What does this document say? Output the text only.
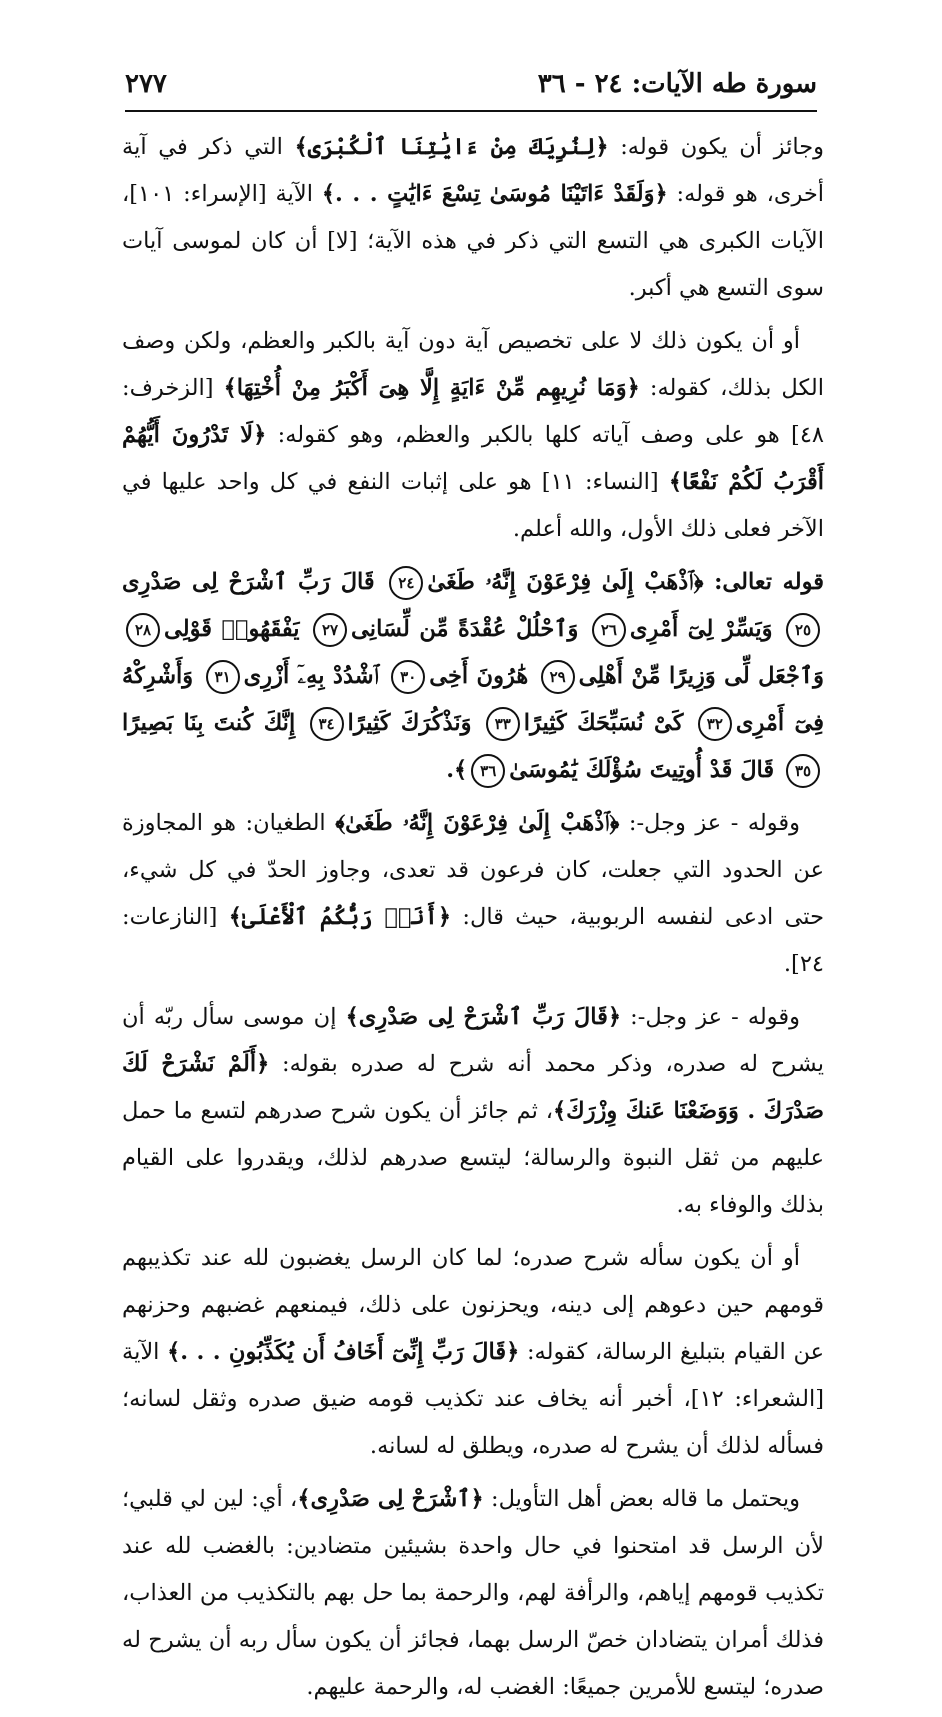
سورة طه الآيات: ٢٤ - ٣٦
٢٧٧

وجائز أن يكون قوله: ﴿لِنُرِيَكَ مِنْ ءَايَٰتِنَا ٱلْكُبْرَى﴾ التي ذكر في آية أخرى، هو قوله: ﴿وَلَقَدْ ءَاتَيْنَا مُوسَىٰ تِسْعَ ءَايَٰتٍ . . .﴾ الآية [الإسراء: ١٠١]، الآيات الكبرى هي التسع التي ذكر في هذه الآية؛ [لا] أن كان لموسى آيات سوى التسع هي أكبر.

أو أن يكون ذلك لا على تخصيص آية دون آية بالكبر والعظم، ولكن وصف الكل بذلك، كقوله: ﴿وَمَا نُرِيهِم مِّنْ ءَايَةٍ إِلَّا هِىَ أَكْبَرُ مِنْ أُخْتِهَا﴾ [الزخرف: ٤٨] هو على وصف آياته كلها بالكبر والعظم، وهو كقوله: ﴿لَا تَدْرُونَ أَيُّهُمْ أَقْرَبُ لَكُمْ نَفْعًا﴾ [النساء: ١١] هو على إثبات النفع في كل واحد عليها في الآخر فعلى ذلك الأول، والله أعلم.

قوله تعالى: ﴿ٱذْهَبْ إِلَىٰ فِرْعَوْنَ إِنَّهُۥ طَغَىٰ٢٤ قَالَ رَبِّ ٱشْرَحْ لِى صَدْرِى٢٥ وَيَسِّرْ لِىٓ أَمْرِى٢٦ وَٱحْلُلْ عُقْدَةً مِّن لِّسَانِى٢٧ يَفْقَهُوا۟ قَوْلِى٢٨ وَٱجْعَل لِّى وَزِيرًا مِّنْ أَهْلِى٢٩ هَٰرُونَ أَخِى٣٠ ٱشْدُدْ بِهِۦٓ أَزْرِى٣١ وَأَشْرِكْهُ فِىٓ أَمْرِى٣٢ كَىْ نُسَبِّحَكَ كَثِيرًا٣٣ وَنَذْكُرَكَ كَثِيرًا٣٤ إِنَّكَ كُنتَ بِنَا بَصِيرًا٣٥ قَالَ قَدْ أُوتِيتَ سُؤْلَكَ يَٰمُوسَىٰ٣٦﴾.

وقوله - عز وجل-: ﴿ٱذْهَبْ إِلَىٰ فِرْعَوْنَ إِنَّهُۥ طَغَىٰ﴾ الطغيان: هو المجاوزة عن الحدود التي جعلت، كان فرعون قد تعدى، وجاوز الحدّ في كل شيء، حتى ادعى لنفسه الربوبية، حيث قال: ﴿أَنَا۠ رَبُّكُمُ ٱلْأَعْلَىٰ﴾ [النازعات: ٢٤].

وقوله - عز وجل-: ﴿قَالَ رَبِّ ٱشْرَحْ لِى صَدْرِى﴾ إن موسى سأل ربّه أن يشرح له صدره، وذكر محمد أنه شرح له صدره بقوله: ﴿أَلَمْ نَشْرَحْ لَكَ صَدْرَكَ . وَوَضَعْنَا عَنكَ وِزْرَكَ﴾، ثم جائز أن يكون شرح صدرهم لتسع ما حمل عليهم من ثقل النبوة والرسالة؛ ليتسع صدرهم لذلك، ويقدروا على القيام بذلك والوفاء به.

أو أن يكون سأله شرح صدره؛ لما كان الرسل يغضبون لله عند تكذيبهم قومهم حين دعوهم إلى دينه، ويحزنون على ذلك، فيمنعهم غضبهم وحزنهم عن القيام بتبليغ الرسالة، كقوله: ﴿قَالَ رَبِّ إِنِّىٓ أَخَافُ أَن يُكَذِّبُونِ . . .﴾ الآية [الشعراء: ١٢]، أخبر أنه يخاف عند تكذيب قومه ضيق صدره وثقل لسانه؛ فسأله لذلك أن يشرح له صدره، ويطلق له لسانه.

ويحتمل ما قاله بعض أهل التأويل: ﴿ٱشْرَحْ لِى صَدْرِى﴾، أي: لين لي قلبي؛ لأن الرسل قد امتحنوا في حال واحدة بشيئين متضادين: بالغضب لله عند تكذيب قومهم إياهم، والرأفة لهم، والرحمة بما حل بهم بالتكذيب من العذاب، فذلك أمران يتضادان خصّ الرسل بهما، فجائز أن يكون سأل ربه أن يشرح له صدره؛ ليتسع للأمرين جميعًا: الغضب له، والرحمة عليهم.
